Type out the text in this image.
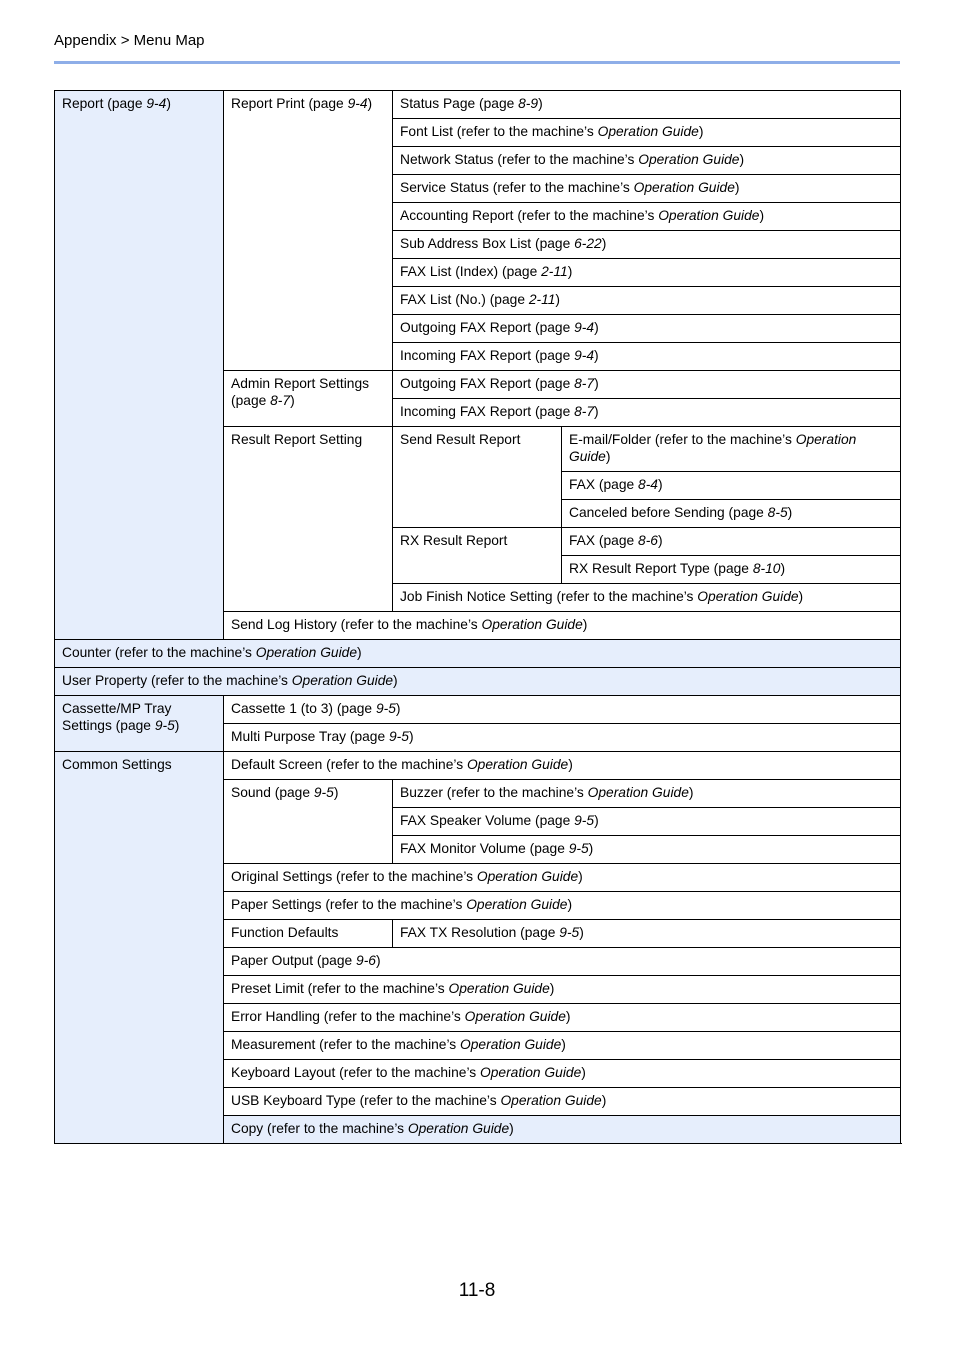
Appendix > Menu Map
Report (page 9-4)	Report Print (page 9-4)	Status Page (page 8-9)	
		Font List (refer to the machine’s Operation Guide)	
		Network Status (refer to the machine’s Operation Guide)	
		Service Status (refer to the machine’s Operation Guide)	
		Accounting Report (refer to the machine’s Operation Guide)	
		Sub Address Box List (page 6-22)	
		FAX List (Index) (page 2-11)	
		FAX List (No.) (page 2-11)	
		Outgoing FAX Report (page 9-4)	
		Incoming FAX Report (page 9-4)	
	Admin Report Settings (page 8-7)	Outgoing FAX Report (page 8-7)	
		Incoming FAX Report (page 8-7)	
	Result Report Setting	Send Result Report	E-mail/Folder (refer to the machine’s Operation Guide)
			FAX (page 8-4)
			Canceled before Sending (page 8-5)
		RX Result Report	FAX (page 8-6)
			RX Result Report Type (page 8-10)
		Job Finish Notice Setting (refer to the machine’s Operation Guide)	
	Send Log History (refer to the machine’s Operation Guide)		
Counter (refer to the machine’s Operation Guide)			
User Property (refer to the machine’s Operation Guide)			
Cassette/MP Tray Settings (page 9-5)	Cassette 1 (to 3) (page 9-5)		
	Multi Purpose Tray (page 9-5)		
Common Settings	Default Screen (refer to the machine’s Operation Guide)		
	Sound (page 9-5)	Buzzer (refer to the machine’s Operation Guide)	
		FAX Speaker Volume (page 9-5)	
		FAX Monitor Volume (page 9-5)	
	Original Settings (refer to the machine’s Operation Guide)		
	Paper Settings (refer to the machine’s Operation Guide)		
	Function Defaults	FAX TX Resolution (page 9-5)	
	Paper Output (page 9-6)		
	Preset Limit (refer to the machine’s Operation Guide)		
	Error Handling (refer to the machine’s Operation Guide)		
	Measurement (refer to the machine’s Operation Guide)		
	Keyboard Layout (refer to the machine’s Operation Guide)		
	USB Keyboard Type (refer to the machine’s Operation Guide)		
	Copy (refer to the machine’s Operation Guide)		
11-8
